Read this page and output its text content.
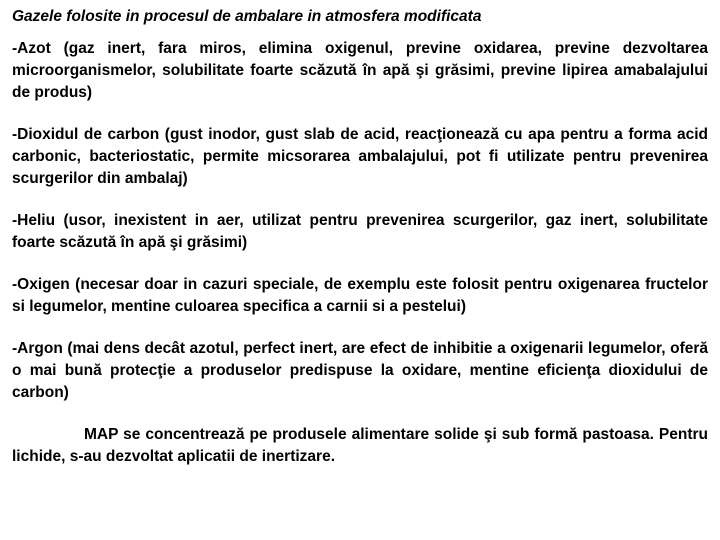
Gazele folosite in procesul de ambalare in atmosfera modificata
-Azot (gaz inert, fara miros, elimina oxigenul, previne oxidarea, previne dezvoltarea microorganismelor, solubilitate foarte scăzută în apă şi grăsimi, previne lipirea amabalajului de produs)
-Dioxidul de carbon (gust inodor, gust slab de acid, reacţionează cu apa pentru a forma acid carbonic, bacteriostatic, permite micsorarea ambalajului, pot fi utilizate pentru prevenirea scurgerilor din ambalaj)
-Heliu (usor, inexistent in aer, utilizat pentru prevenirea scurgerilor, gaz inert, solubilitate foarte scăzută în apă şi grăsimi)
-Oxigen (necesar doar in cazuri speciale, de exemplu este folosit pentru oxigenarea fructelor si legumelor, mentine culoarea specifica a carnii si a pestelui)
-Argon (mai dens decât azotul, perfect inert, are efect de inhibitie a oxigenarii legumelor, oferă o mai bună protecţie a produselor predispuse la oxidare, mentine eficienţa dioxidului de carbon)
MAP se concentrează pe produsele alimentare solide şi sub formă pastoasa. Pentru lichide, s-au dezvoltat aplicatii de inertizare.
